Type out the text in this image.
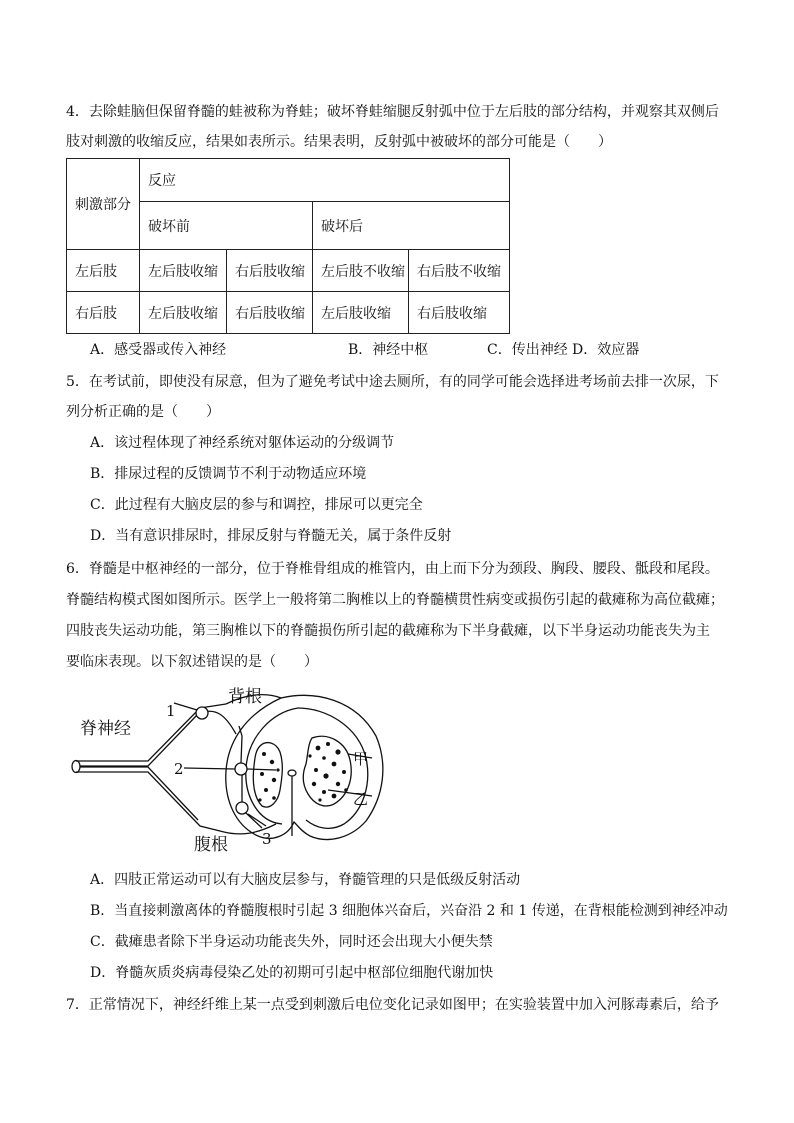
4．去除蛙脑但保留脊髓的蛙被称为脊蛙；破坏脊蛙缩腿反射弧中位于左后肢的部分结构，并观察其双侧后
肢对刺激的收缩反应，结果如表所示。结果表明，反射弧中被破坏的部分可能是（　　）
刺激部分	反应			
	破坏前		破坏后	
左后肢	左后肢收缩	右后肢收缩	左后肢不收缩	右后肢不收缩
右后肢	左后肢收缩	右后肢收缩	左后肢收缩	右后肢收缩
A．感受器或传入神经	B．神经中枢	C．传出神经 D．效应器
5．在考试前，即使没有尿意，但为了避免考试中途去厕所，有的同学可能会选择进考场前去排一次尿，下
列分析正确的是（　　）
A．该过程体现了神经系统对躯体运动的分级调节
B．排尿过程的反馈调节不利于动物适应环境
C．此过程有大脑皮层的参与和调控，排尿可以更完全
D．当有意识排尿时，排尿反射与脊髓无关，属于条件反射
6．脊髓是中枢神经的一部分，位于脊椎骨组成的椎管内，由上而下分为颈段、胸段、腰段、骶段和尾段。
脊髓结构模式图如图所示。医学上一般将第二胸椎以上的脊髓横贯性病变或损伤引起的截瘫称为高位截瘫；
四肢丧失运动功能，第三胸椎以下的脊髓损伤所引起的截瘫称为下半身截瘫，以下半身运动功能丧失为主
要临床表现。以下叙述错误的是（　　）
脊神经
背根
腹根
1
2
3
甲
乙
A．四肢正常运动可以有大脑皮层参与，脊髓管理的只是低级反射活动
B．当直接刺激离体的脊髓腹根时引起 3 细胞体兴奋后，兴奋沿 2 和 1 传递，在背根能检测到神经冲动
C．截瘫患者除下半身运动功能丧失外，同时还会出现大小便失禁
D．脊髓灰质炎病毒侵染乙处的初期可引起中枢部位细胞代谢加快
7．正常情况下，神经纤维上某一点受到刺激后电位变化记录如图甲；在实验装置中加入河豚毒素后，给予
